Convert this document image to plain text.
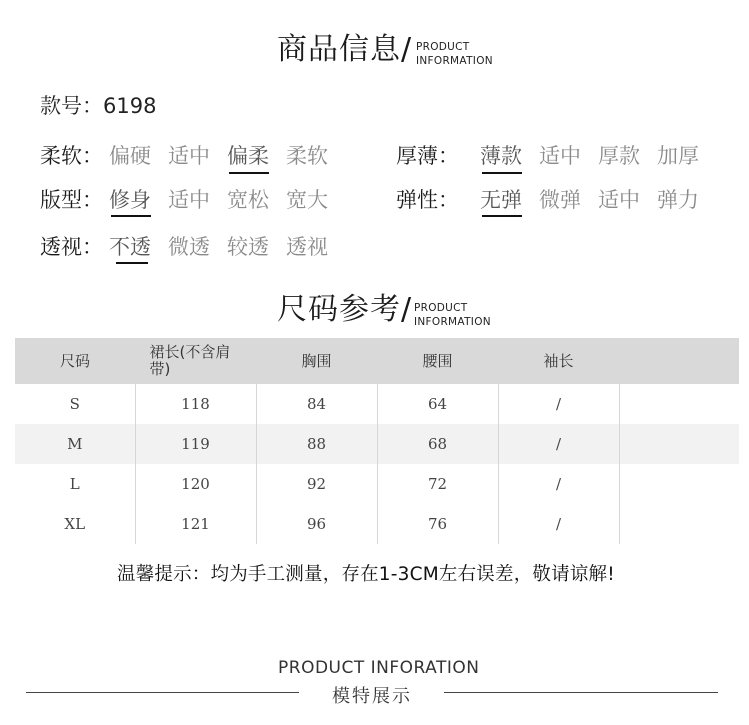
商品信息/ PRODUCT
INFORMATION
款号：6198
柔软： 偏硬 适中 偏柔 柔软	厚薄： 薄款 适中 厚款 加厚
版型： 修身 适中 宽松 宽大	弹性： 无弹 微弹 适中 弹力
透视： 不透 微透 较透 透视
尺码参考/ PRODUCT
INFORMATION
尺码	裙长(不含肩带)	胸围	腰围	袖长	
S	118	84	64	/	
M	119	88	68	/	
L	120	92	72	/	
XL	121	96	76	/	
温馨提示：均为手工测量，存在1-3CM左右误差，敬请谅解!
PRODUCT INFORATION
模特展示
